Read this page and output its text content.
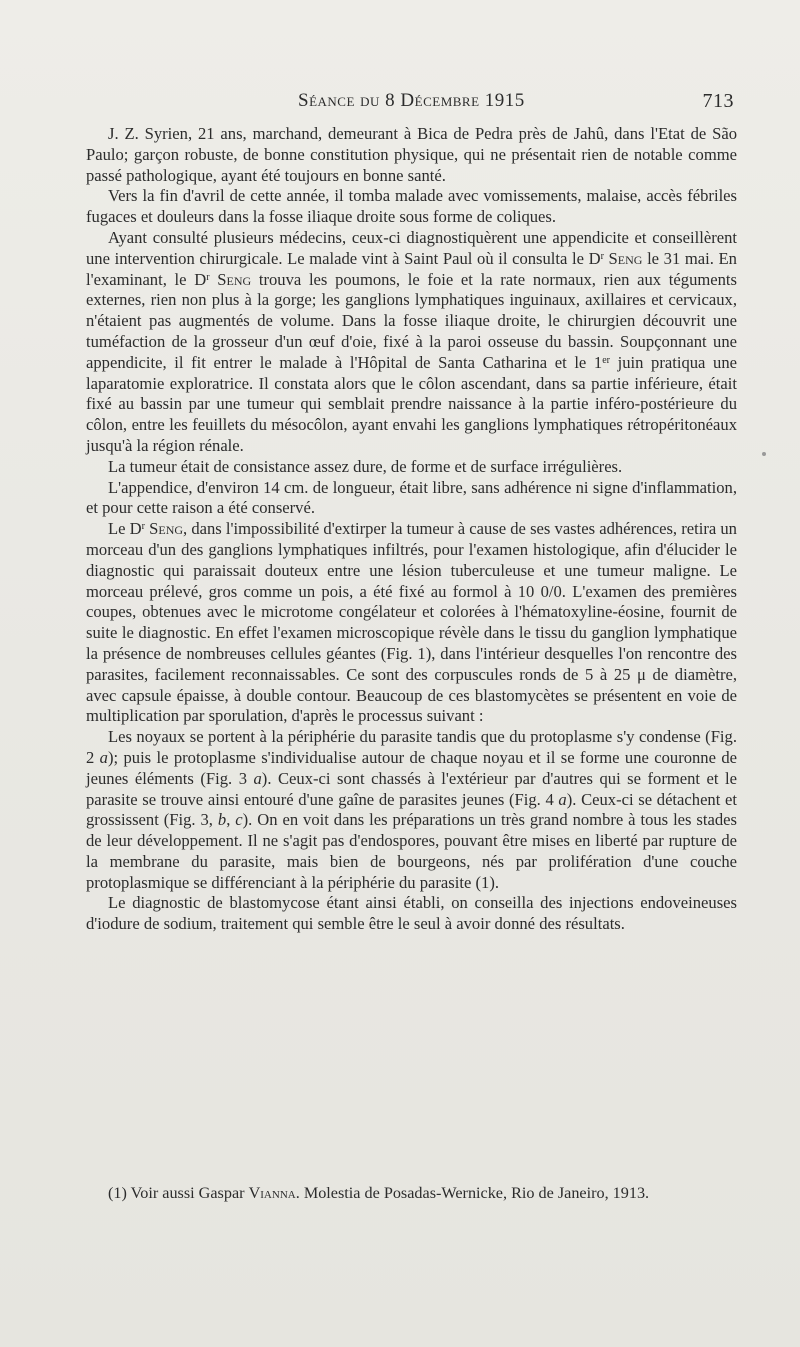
Séance du 8 Décembre 1915	713

J. Z. Syrien, 21 ans, marchand, demeurant à Bica de Pedra près de Jahû, dans l'Etat de São Paulo; garçon robuste, de bonne constitution physique, qui ne présentait rien de notable comme passé pathologique, ayant été toujours en bonne santé.

Vers la fin d'avril de cette année, il tomba malade avec vomissements, malaise, accès fébriles fugaces et douleurs dans la fosse iliaque droite sous forme de coliques.

Ayant consulté plusieurs médecins, ceux-ci diagnostiquèrent une appendicite et conseillèrent une intervention chirurgicale. Le malade vint à Saint Paul où il consulta le $D^r$ Seng le 31 mai. En l'examinant, le $D^r$ Seng trouva les poumons, le foie et la rate normaux, rien aux téguments externes, rien non plus à la gorge; les ganglions lymphatiques inguinaux, axillaires et cervicaux, n'étaient pas augmentés de volume. Dans la fosse iliaque droite, le chirurgien découvrit une tuméfaction de la grosseur d'un œuf d'oie, fixé à la paroi osseuse du bassin. Soupçonnant une appendicite, il fit entrer le malade à l'Hôpital de Santa Catharina et le 1er juin pratiqua une laparatomie exploratrice. Il constata alors que le côlon ascendant, dans sa partie inférieure, était fixé au bassin par une tumeur qui semblait prendre naissance à la partie inféro-postérieure du côlon, entre les feuillets du mésocôlon, ayant envahi les ganglions lymphatiques rétropéritonéaux jusqu'à la région rénale.

La tumeur était de consistance assez dure, de forme et de surface irrégulières.

L'appendice, d'environ 14 cm. de longueur, était libre, sans adhérence ni signe d'inflammation, et pour cette raison a été conservé.

Le $D^r$ Seng, dans l'impossibilité d'extirper la tumeur à cause de ses vastes adhérences, retira un morceau d'un des ganglions lymphatiques infiltrés, pour l'examen histologique, afin d'élucider le diagnostic qui paraissait douteux entre une lésion tuberculeuse et une tumeur maligne. Le morceau prélevé, gros comme un pois, a été fixé au formol à 10 0/0. L'examen des premières coupes, obtenues avec le microtome congélateur et colorées à l'hématoxyline-éosine, fournit de suite le diagnostic. En effet l'examen microscopique révèle dans le tissu du ganglion lymphatique la présence de nombreuses cellules géantes (Fig. 1), dans l'intérieur desquelles l'on rencontre des parasites, facilement reconnaissables. Ce sont des corpuscules ronds de 5 à 25 μ de diamètre, avec capsule épaisse, à double contour. Beaucoup de ces blastomycètes se présentent en voie de multiplication par sporulation, d'après le processus suivant :

Les noyaux se portent à la périphérie du parasite tandis que du protoplasme s'y condense (Fig. 2 a); puis le protoplasme s'individualise autour de chaque noyau et il se forme une couronne de jeunes éléments (Fig. 3 a). Ceux-ci sont chassés à l'extérieur par d'autres qui se forment et le parasite se trouve ainsi entouré d'une gaîne de parasites jeunes (Fig. 4 a). Ceux-ci se détachent et grossissent (Fig. 3, b, c). On en voit dans les préparations un très grand nombre à tous les stades de leur développement. Il ne s'agit pas d'endospores, pouvant être mises en liberté par rupture de la membrane du parasite, mais bien de bourgeons, nés par prolifération d'une couche protoplasmique se différenciant à la périphérie du parasite (1).

Le diagnostic de blastomycose étant ainsi établi, on conseilla des injections endoveineuses d'iodure de sodium, traitement qui semble être le seul à avoir donné des résultats.

(1) Voir aussi Gaspar Vianna. Molestia de Posadas-Wernicke, Rio de Janeiro, 1913.
